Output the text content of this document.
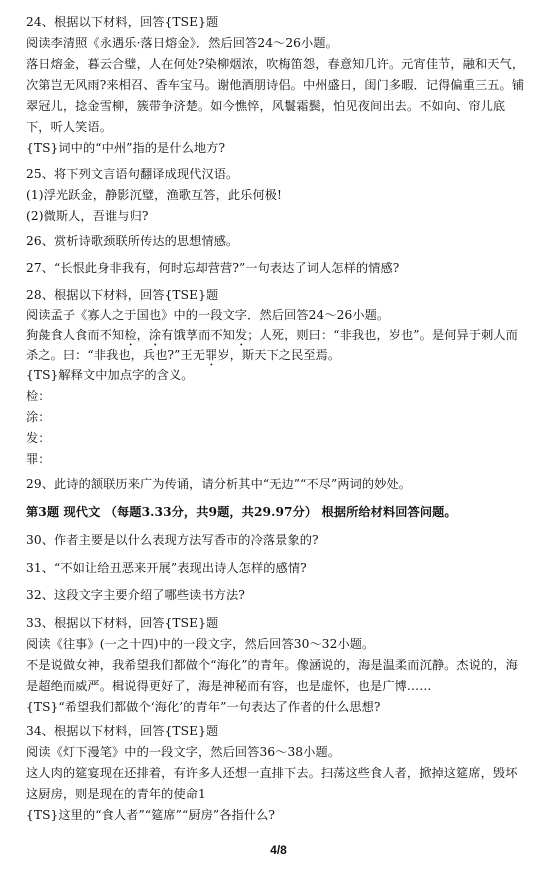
24、根据以下材料，回答{TSE}题
阅读李清照《永遇乐·落日熔金》．然后回答24～26小题。
落日熔金，暮云合璧，人在何处?染柳烟浓，吹梅笛怨，春意知几许。元宵佳节，融和天气，
次第岂无风雨?来相召、香车宝马。谢他酒朋诗侣。中州盛日，闺门多暇．记得偏重三五。铺
翠冠儿，捻金雪柳，簇带争济楚。如今憔悴，风鬟霜鬓，怕见夜间出去。不如向、帘儿底
下，听人笑语。
{TS}词中的“中州”指的是什么地方?
25、将下列文言语句翻译成现代汉语。
(1)浮光跃金，静影沉璧，渔歌互答，此乐何极!
(2)微斯人，吾谁与归?
26、赏析诗歌颈联所传达的思想情感。
27、“长恨此身非我有，何时忘却营营?”一句表达了词人怎样的情感?
28、根据以下材料，回答{TSE}题
阅读孟子《寡人之于国也》中的一段文字．然后回答24～26小题。
狗彘食人食而不知检，涂有饿莩而不知发；人死，则曰：“非我也，岁也”。是何异于刺人而
杀之。曰：“非我也，兵也?”王无罪岁，斯天下之民至焉。
{TS}解释文中加点字的含义。
检：
涂：
发：
罪：
29、此诗的颔联历来广为传诵，请分析其中“无边”“不尽”两词的妙处。
第3题 现代文 （每题3.33分，共9题，共29.97分） 根据所给材料回答问题。
30、作者主要是以什么表现方法写香市的冷落景象的?
31、“不如让给丑恶来开展”表现出诗人怎样的感情?
32、这段文字主要介绍了哪些读书方法?
33、根据以下材料，回答{TSE}题
阅读《往事》(一之十四)中的一段文字，然后回答30～32小题。
不是说做女神，我希望我们都做个“海化”的青年。像涵说的，海是温柔而沉静。杰说的，海
是超绝而威严。楫说得更好了，海是神秘而有容，也是虚怀，也是广博……
{TS}“希望我们都做个‘海化’的青年”一句表达了作者的什么思想?
34、根据以下材料，回答{TSE}题
阅读《灯下漫笔》中的一段文字，然后回答36～38小题。
这人肉的筵宴现在还排着，有许多人还想一直排下去。扫荡这些食人者，掀掉这筵席，毁坏
这厨房，则是现在的青年的使命1
{TS}这里的“食人者”“筵席”“厨房”各指什么?
4/8
